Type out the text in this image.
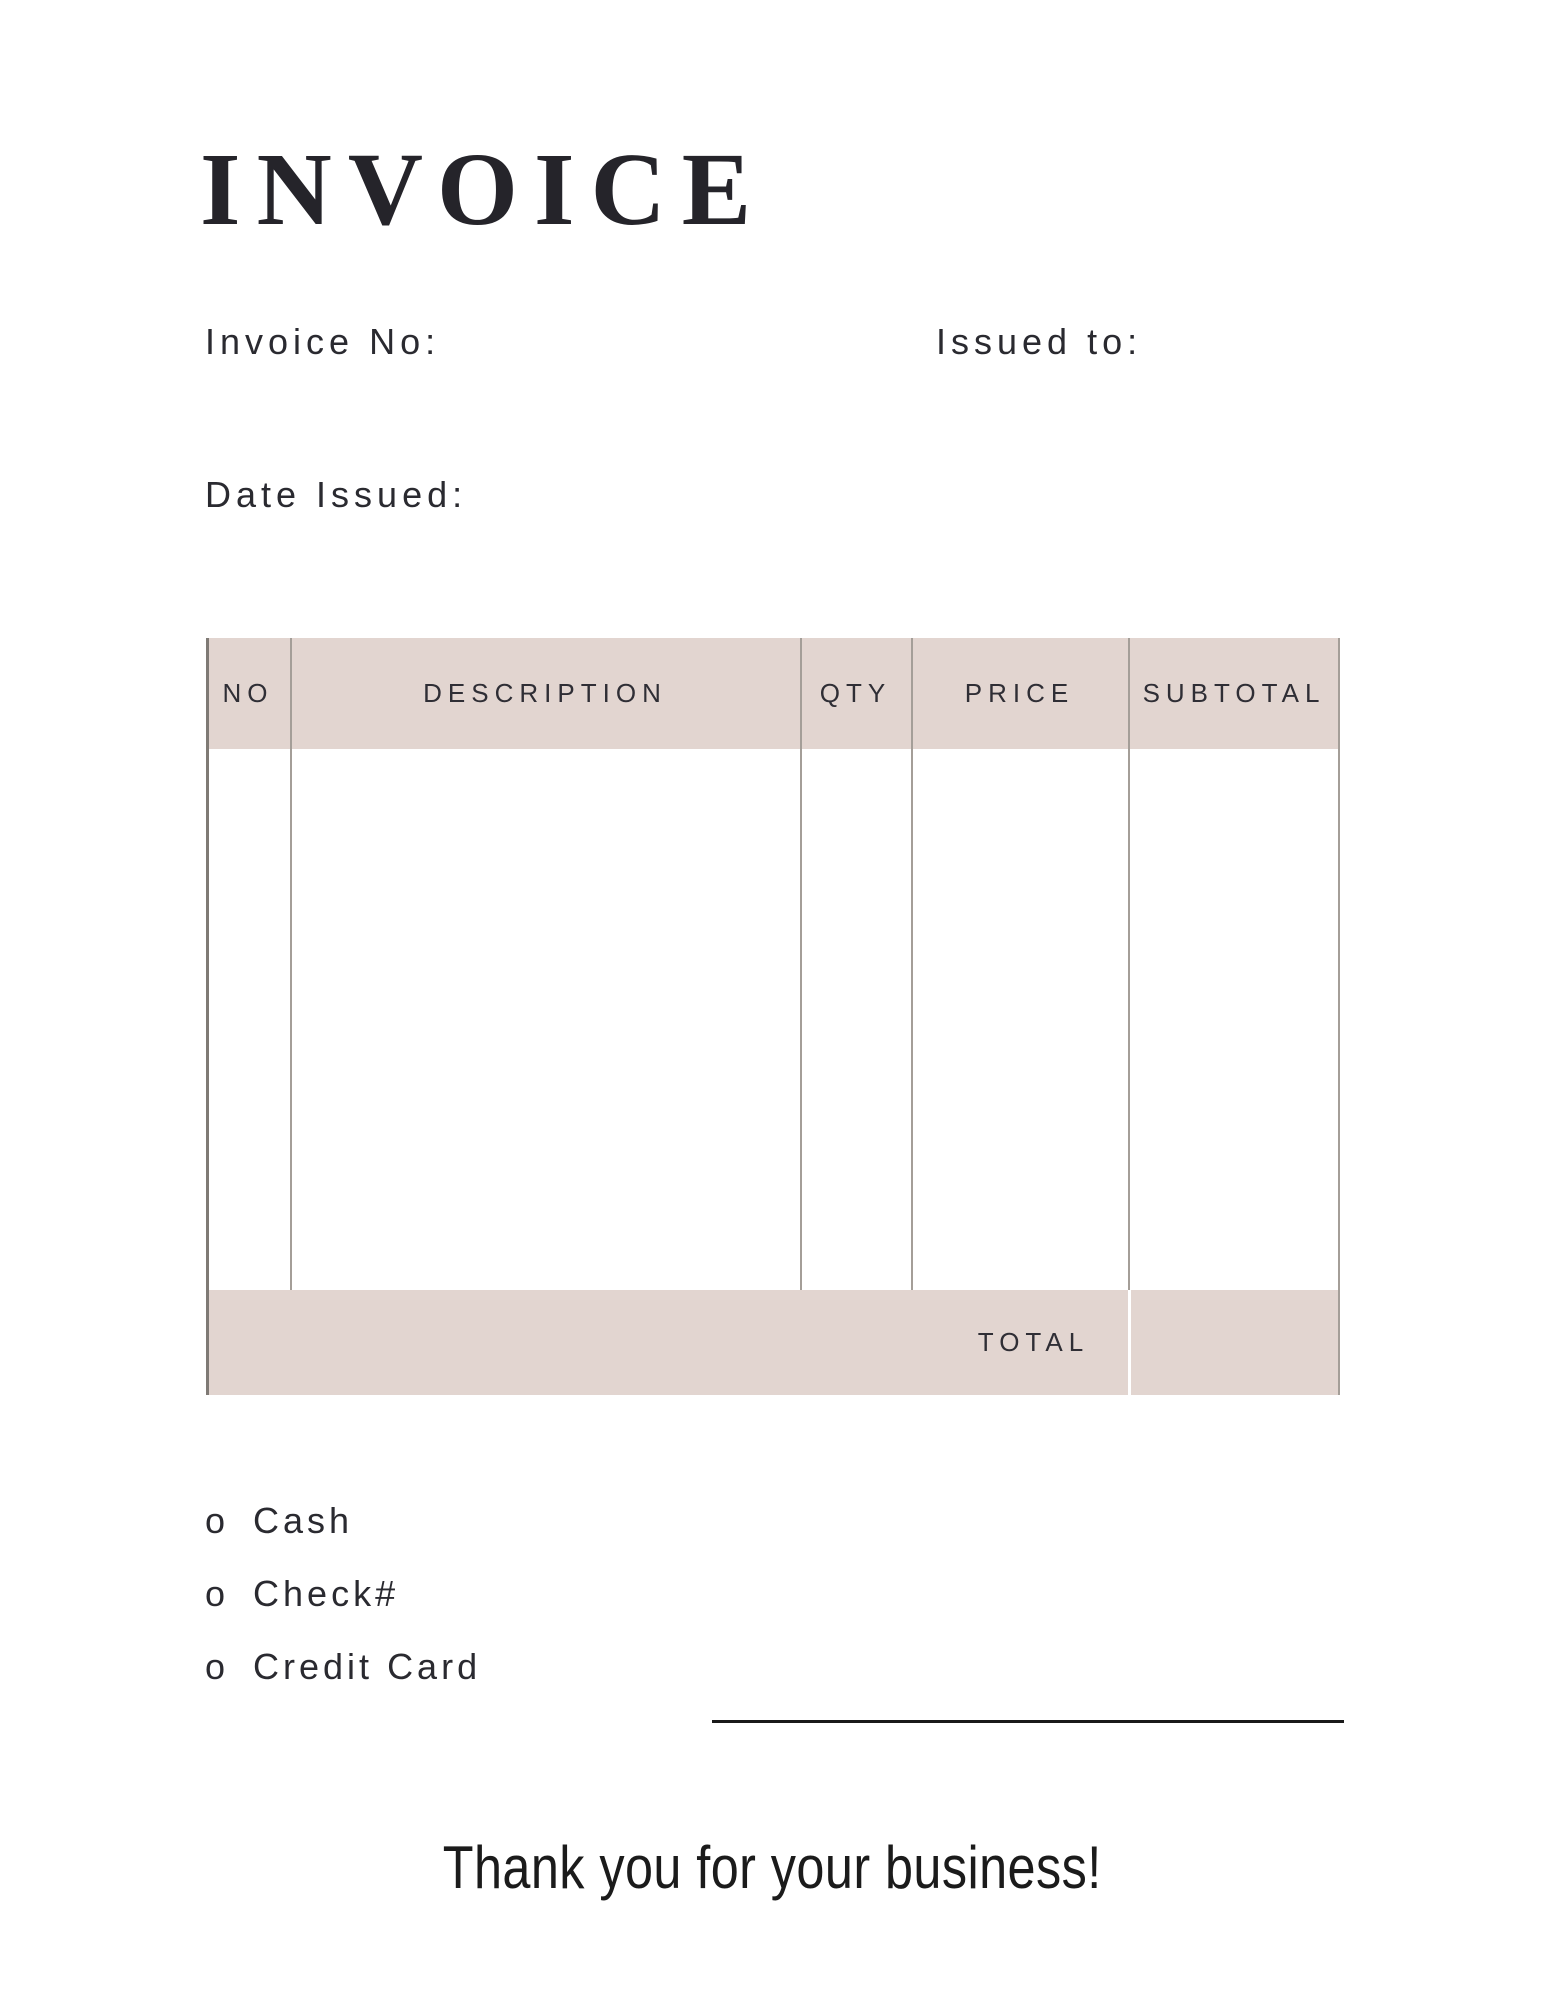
INVOICE
Invoice No:	Issued to:
Date Issued:
NO	DESCRIPTION	QTY	PRICE	SUBTOTAL
TOTAL
o Cash
o Check#
o Credit Card
Thank you for your business!
